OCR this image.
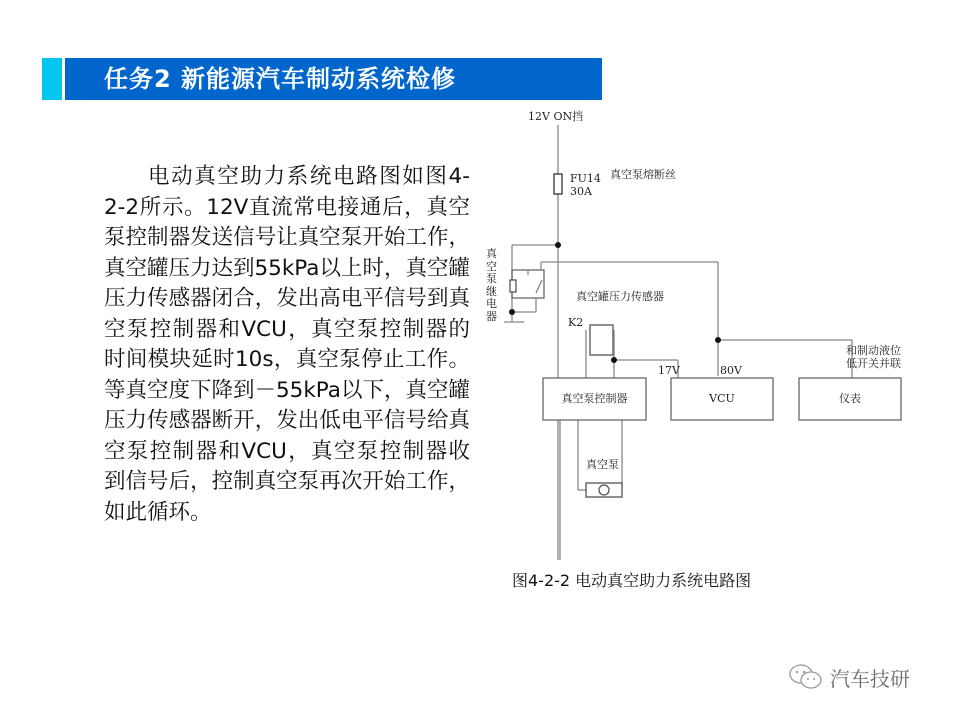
任务2 新能源汽车制动系统检修
电动真空助力系统电路图如图4-2-2所示。12V直流常电接通后，真空泵控制器发送信号让真空泵开始工作，真空罐压力达到55kPa以上时，真空罐压力传感器闭合，发出高电平信号到真空泵控制器和VCU，真空泵控制器的时间模块延时10s，真空泵停止工作。等真空度下降到－55kPa以下，真空罐压力传感器断开，发出低电平信号给真空泵控制器和VCU，真空泵控制器收到信号后，控制真空泵再次开始工作，如此循环。
12V ON挡
FU14
30A
真空泵熔断丝
真
空
泵
继
电
器
真空罐压力传感器
K2
17V	80V
和制动液位
低开关并联
真空泵控制器	VCU	仪表
真空泵
图4-2-2 电动真空助力系统电路图
汽车技研
